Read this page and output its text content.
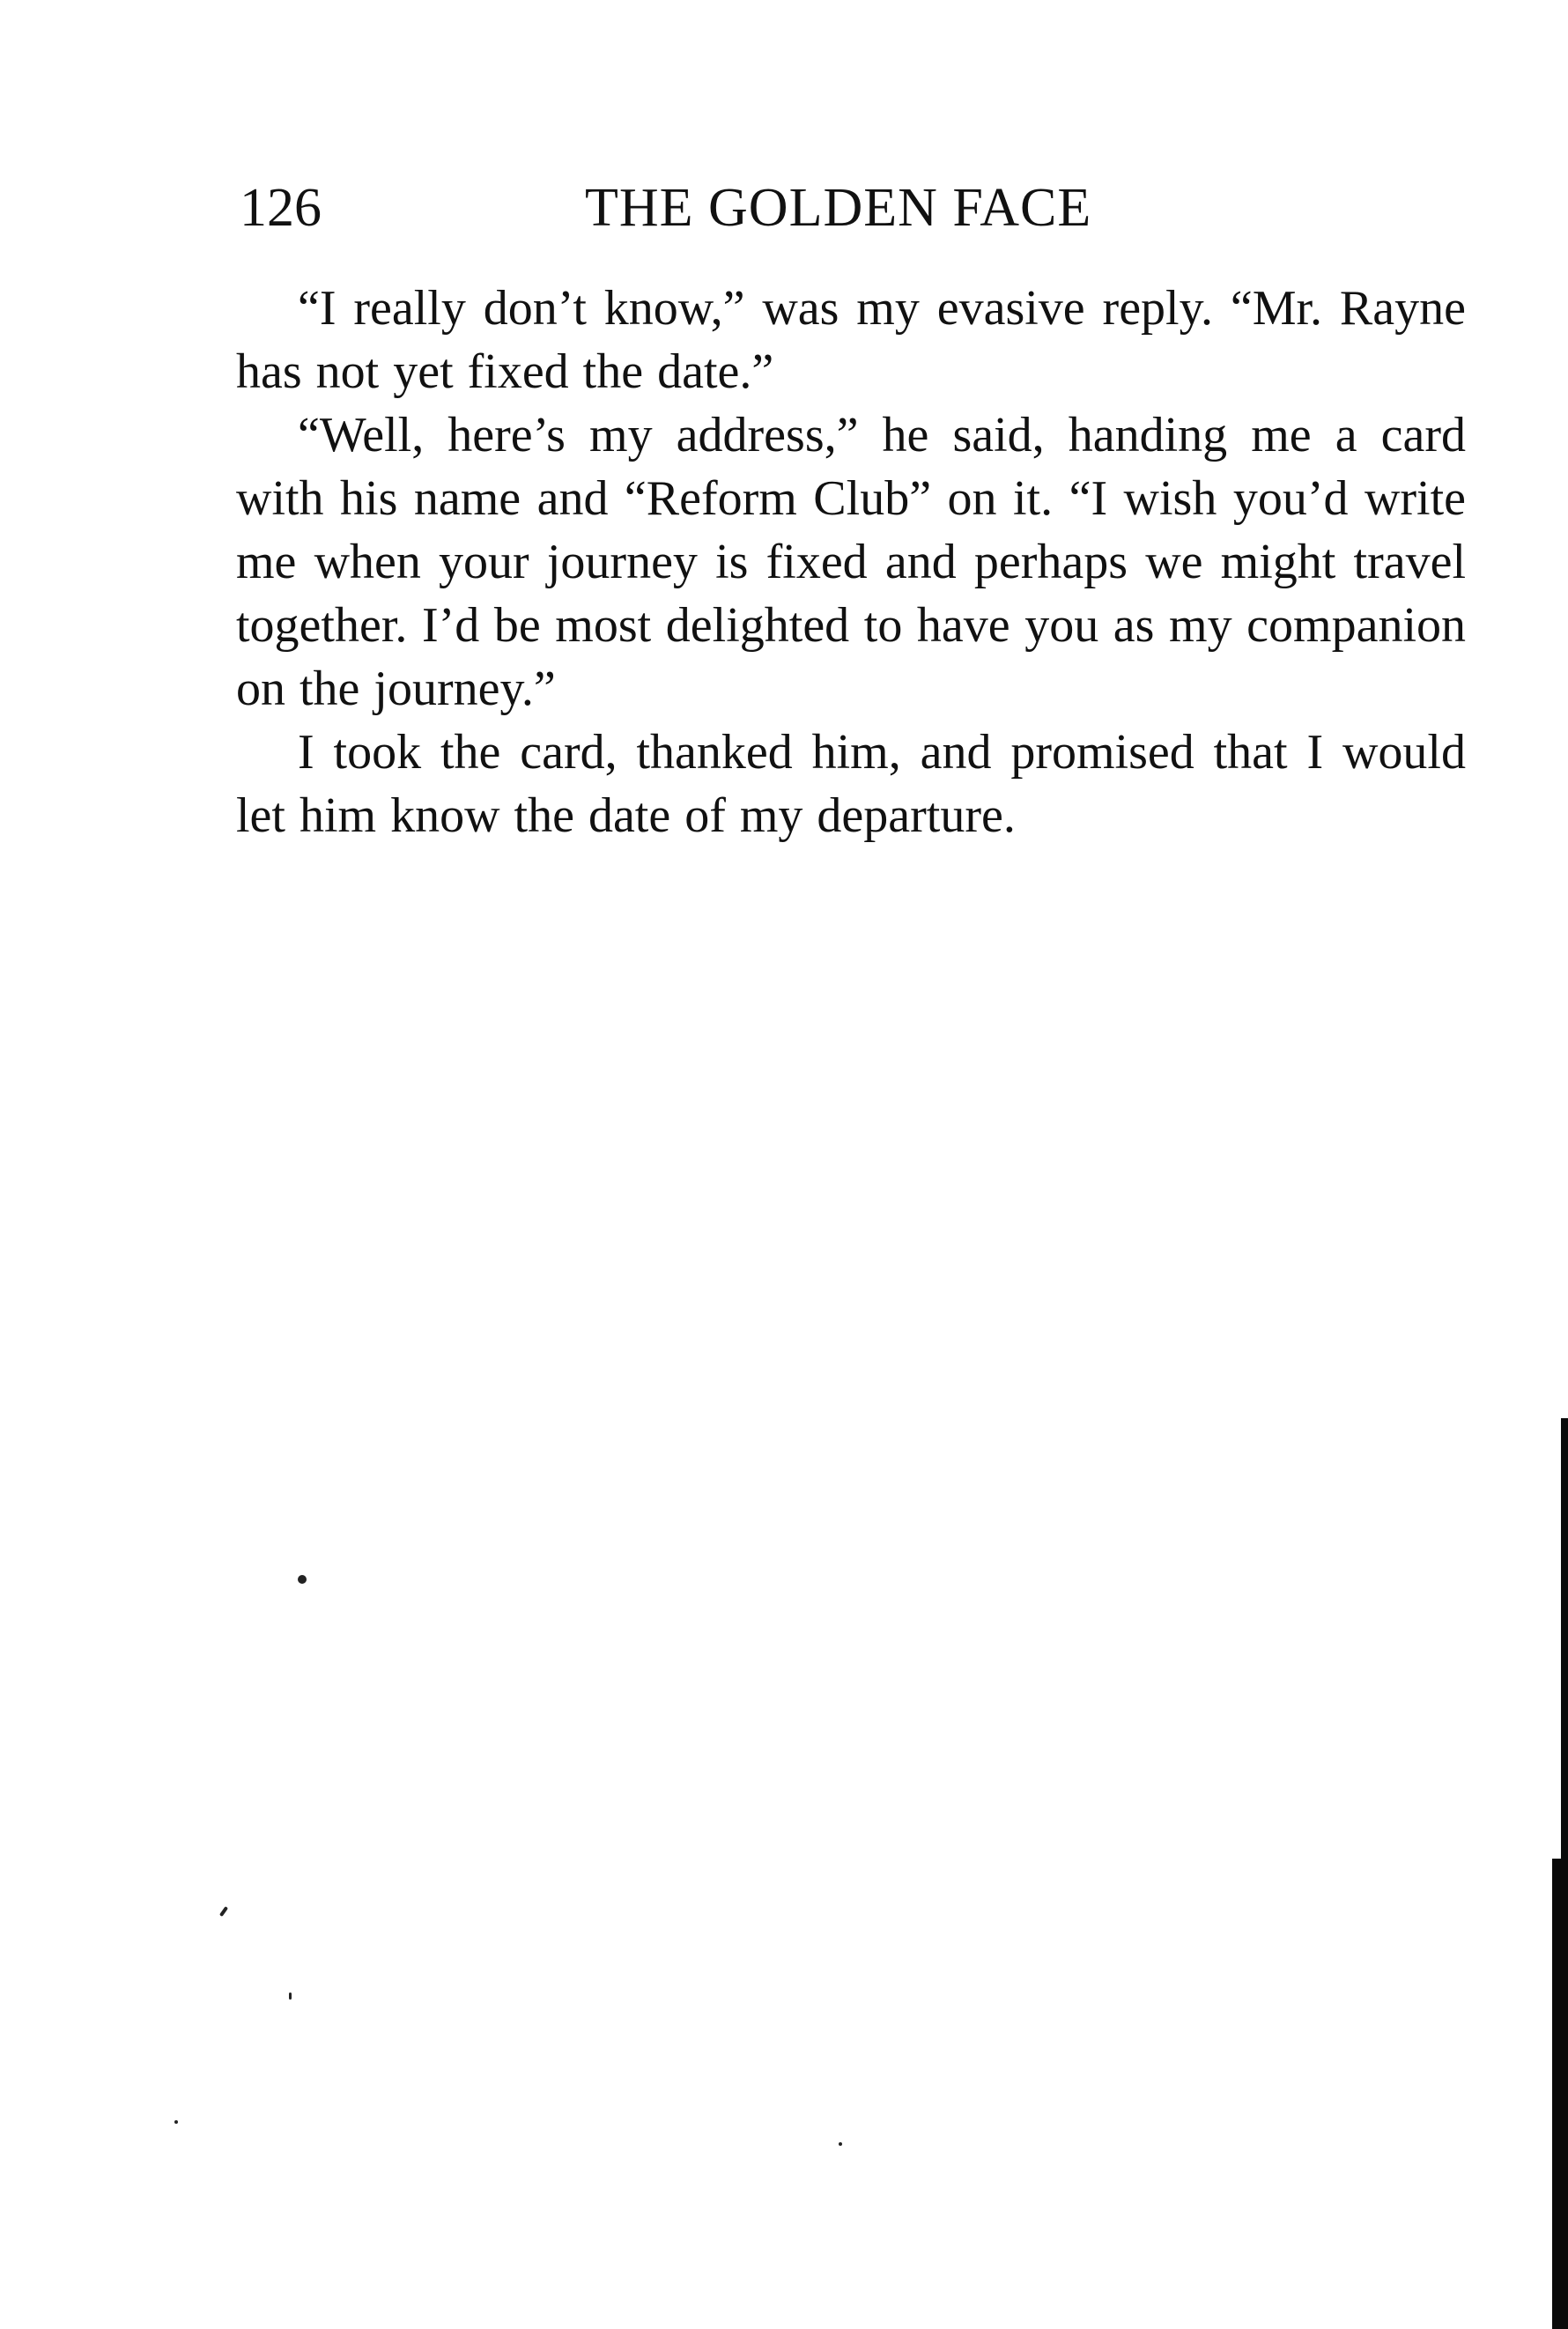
126	THE GOLDEN FACE

“I really don’t know,” was my evasive reply. “Mr. Rayne has not yet fixed the date.”

“Well, here’s my address,” he said, handing me a card with his name and “Reform Club” on it. “I wish you’d write me when your journey is fixed and perhaps we might travel together. I’d be most delighted to have you as my companion on the journey.”

I took the card, thanked him, and promised that I would let him know the date of my departure.
